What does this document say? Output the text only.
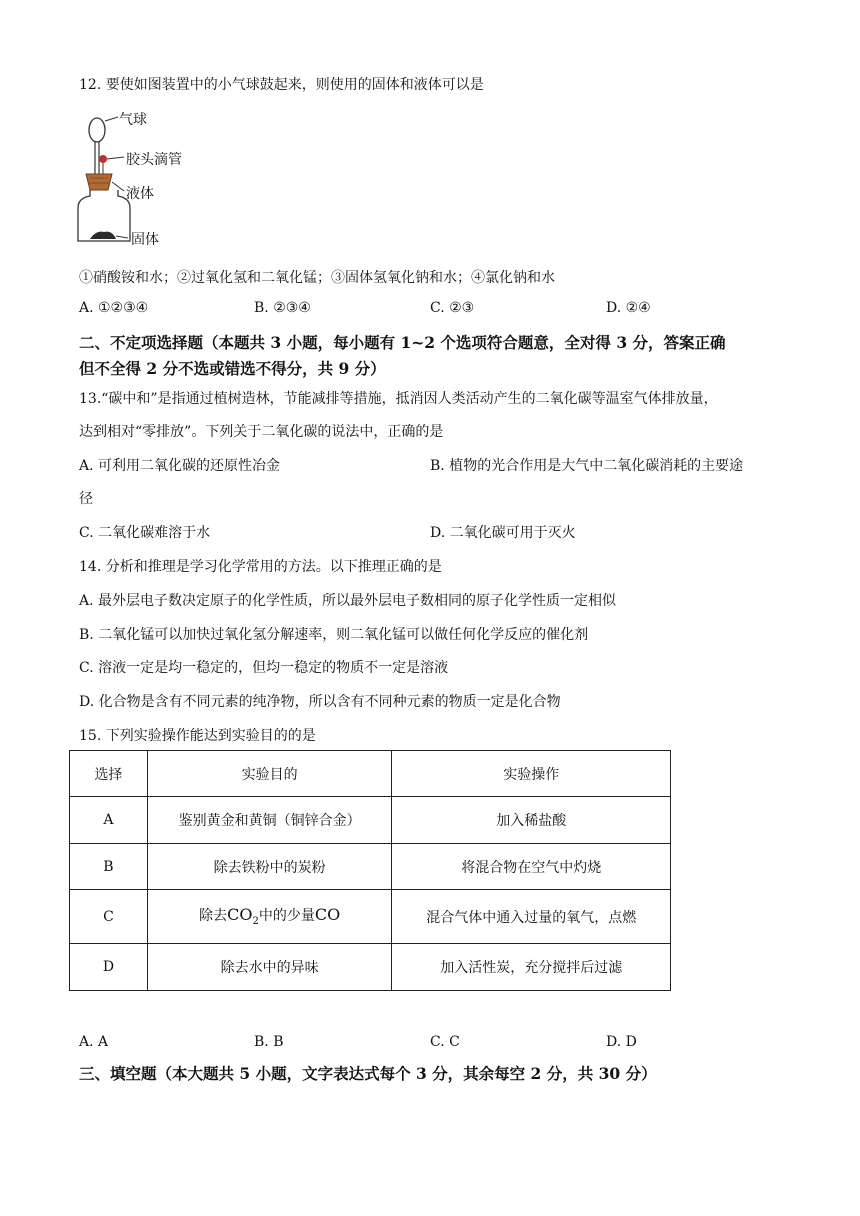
12. 要使如图装置中的小气球鼓起来，则使用的固体和液体可以是
气球
胶头滴管
液体
固体
①硝酸铵和水；②过氧化氢和二氧化锰；③固体氢氧化钠和水；④氯化钠和水
A. ①②③④	B. ②③④	C. ②③	D. ②④
二、不定项选择题（本题共 3 小题，每小题有 1~2 个选项符合题意，全对得 3 分，答案正确
但不全得 2 分不选或错选不得分，共 9 分）
13.“碳中和”是指通过植树造林，节能减排等措施，抵消因人类活动产生的二氧化碳等温室气体排放量，
达到相对“零排放”。下列关于二氧化碳的说法中，正确的是
A. 可利用二氧化碳的还原性冶金	B. 植物的光合作用是大气中二氧化碳消耗的主要途
径
C. 二氧化碳难溶于水	D. 二氧化碳可用于灭火
14. 分析和推理是学习化学常用的方法。以下推理正确的是
A. 最外层电子数决定原子的化学性质，所以最外层电子数相同的原子化学性质一定相似
B. 二氧化锰可以加快过氧化氢分解速率，则二氧化锰可以做任何化学反应的催化剂
C. 溶液一定是均一稳定的，但均一稳定的物质不一定是溶液
D. 化合物是含有不同元素的纯净物，所以含有不同种元素的物质一定是化合物
15. 下列实验操作能达到实验目的的是
选择	实验目的	实验操作
A	鉴别黄金和黄铜（铜锌合金）	加入稀盐酸
B	除去铁粉中的炭粉	将混合物在空气中灼烧
C	除去$CO_2$中的少量CO	混合气体中通入过量的氧气，点燃
D	除去水中的异味	加入活性炭，充分搅拌后过滤
A. A	B. B	C. C	D. D
三、填空题（本大题共 5 小题，文字表达式每个 3 分，其余每空 2 分，共 30 分）
